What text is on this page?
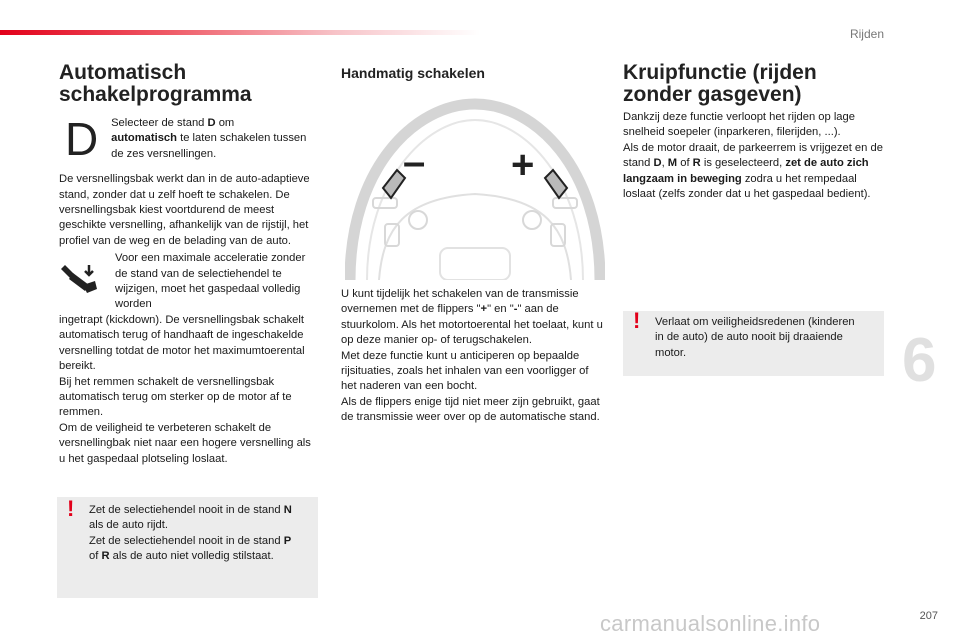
Rijden
6
Automatisch
schakelprogramma
D	Selecteer de stand D om
automatisch te laten schakelen tussen de zes versnellingen.

De versnellingsbak werkt dan in de auto-adaptieve stand, zonder dat u zelf hoeft te schakelen. De versnellingsbak kiest voortdurend de meest geschikte versnelling, afhankelijk van de rijstijl, het profiel van de weg en de belading van de auto.

Voor een maximale acceleratie zonder de stand van de selectiehendel te wijzigen, moet het gaspedaal volledig worden

ingetrapt (kickdown). De versnellingsbak schakelt automatisch terug of handhaaft de ingeschakelde versnelling totdat de motor het maximumtoerental bereikt.

Bij het remmen schakelt de versnellingsbak automatisch terug om sterker op de motor af te remmen.

Om de veiligheid te verbeteren schakelt de versnellingbak niet naar een hogere versnelling als u het gaspedaal plotseling loslaat.

! Zet de selectiehendel nooit in de stand N als de auto rijdt.
Zet de selectiehendel nooit in de stand P of R als de auto niet volledig stilstaat.
Handmatig schakelen
– +

U kunt tijdelijk het schakelen van de transmissie overnemen met de flippers "+" en "-" aan de stuurkolom. Als het motortoerental het toelaat, kunt u op deze manier op- of terugschakelen.

Met deze functie kunt u anticiperen op bepaalde rijsituaties, zoals het inhalen van een voorligger of het naderen van een bocht.

Als de flippers enige tijd niet meer zijn gebruikt, gaat de transmissie weer over op de automatische stand.

Kruipfunctie (rijden
zonder gasgeven)

Dankzij deze functie verloopt het rijden op lage snelheid soepeler (inparkeren, filerijden, ...).

Als de motor draait, de parkeerrem is vrijgezet en de stand D, M of R is geselecteerd, zet de auto zich langzaam in beweging zodra u het rempedaal loslaat (zelfs zonder dat u het gaspedaal bedient).

! Verlaat om veiligheidsredenen (kinderen in de auto) de auto nooit bij draaiende motor.
carmanualsonline.info	207
